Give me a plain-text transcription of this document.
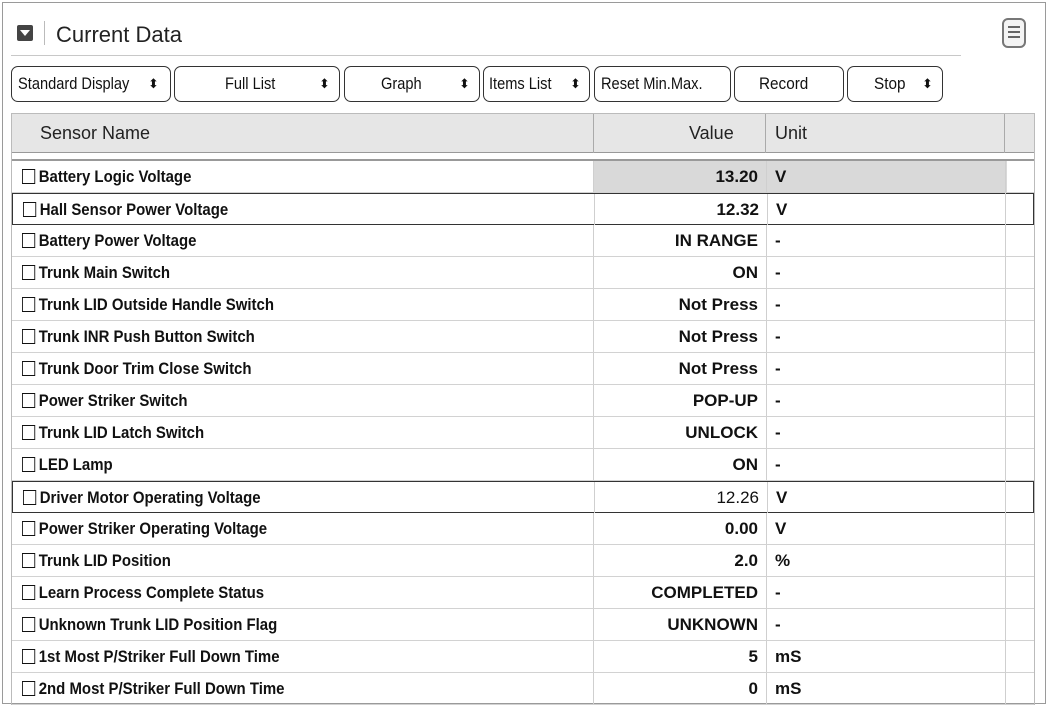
Current Data
Standard Display ⬍	Full List	⬍	Graph	⬍ Items List ⬍ Reset Min.Max.	Record	Stop ⬍
Sensor Name	Value Unit
Battery Logic Voltage	13.20	V
Hall Sensor Power Voltage	12.32	V
Battery Power Voltage	IN RANGE	-
Trunk Main Switch	ON	-
Trunk LID Outside Handle Switch	Not Press	-
Trunk INR Push Button Switch	Not Press	-
Trunk Door Trim Close Switch	Not Press	-
Power Striker Switch	POP-UP	-
Trunk LID Latch Switch	UNLOCK	-
LED Lamp	ON	-
Driver Motor Operating Voltage	12.26	V
Power Striker Operating Voltage	0.00	V
Trunk LID Position	2.0	%
Learn Process Complete Status	COMPLETED	-
Unknown Trunk LID Position Flag	UNKNOWN	-
1st Most P/Striker Full Down Time	5	mS
2nd Most P/Striker Full Down Time	0	mS
